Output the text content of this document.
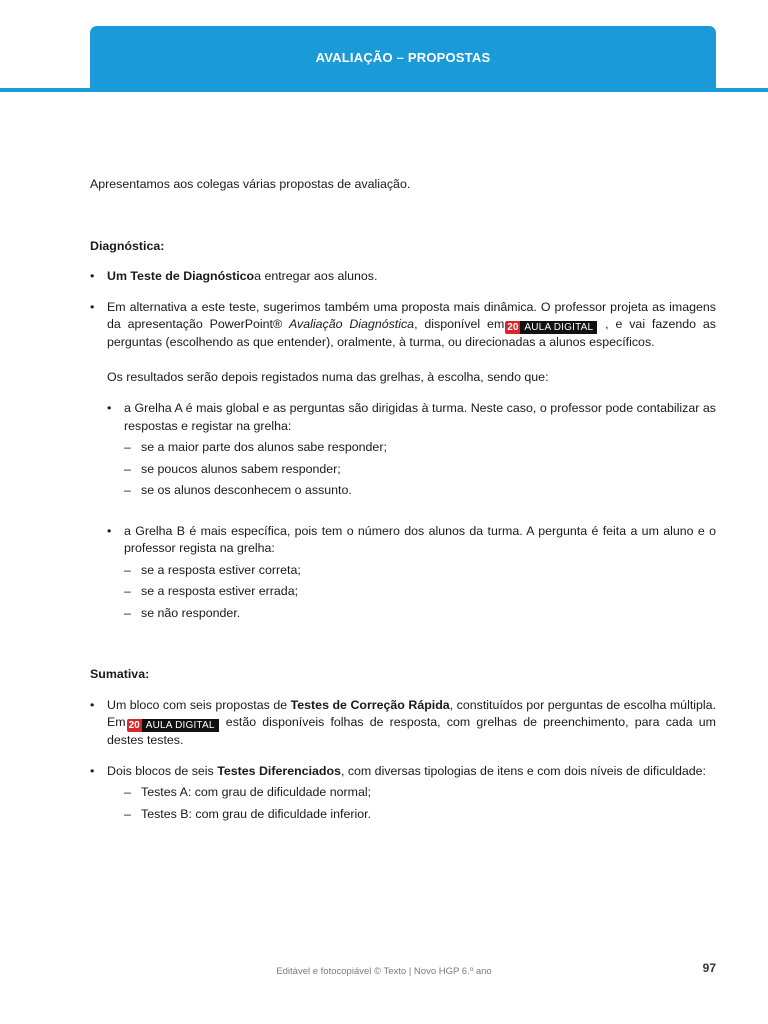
AVALIAÇÃO – PROPOSTAS

Apresentamos aos colegas várias propostas de avaliação.

Diagnóstica:

• Um Teste de Diagnósticoa entregar aos alunos.
• Em alternativa a este teste, sugerimos também uma proposta mais dinâmica. O professor projeta as imagens da apresentação PowerPoint® Avaliação Diagnóstica, disponível em 20 AULA DIGITAL , e vai fazendo as perguntas (escolhendo as que entender), oralmente, à turma, ou direcionadas a alunos específicos.

Os resultados serão depois registados numa das grelhas, à escolha, sendo que:

• a Grelha A é mais global e as perguntas são dirigidas à turma. Neste caso, o professor pode contabilizar as respostas e registar na grelha:
– se a maior parte dos alunos sabe responder;
– se poucos alunos sabem responder;
– se os alunos desconhecem o assunto.
• a Grelha B é mais específica, pois tem o número dos alunos da turma. A pergunta é feita a um aluno e o professor regista na grelha:
– se a resposta estiver correta;
– se a resposta estiver errada;
– se não responder.

Sumativa:

• Um bloco com seis propostas de Testes de Correção Rápida, constituídos por perguntas de escolha múltipla. Em 20 AULA DIGITAL estão disponíveis folhas de resposta, com grelhas de preenchimento, para cada um destes testes.
• Dois blocos de seis Testes Diferenciados, com diversas tipologias de itens e com dois níveis de dificuldade:
– Testes A: com grau de dificuldade normal;
– Testes B: com grau de dificuldade inferior.
Editável e fotocopiável © Texto | Novo HGP 6.º ano	97
